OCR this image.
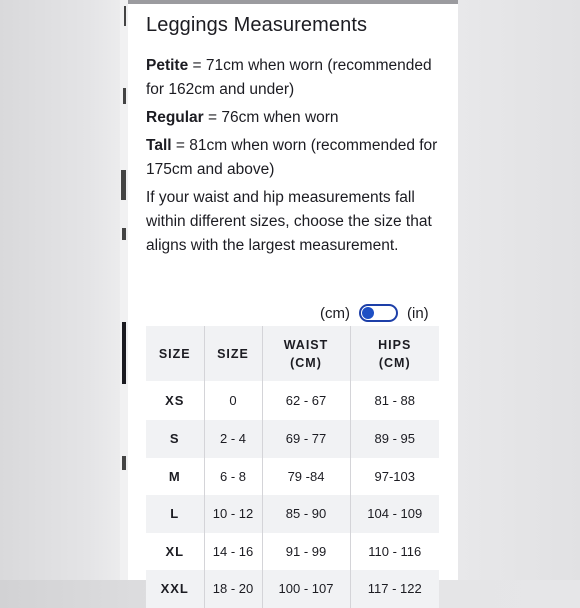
Leggings Measurements

Petite = 71cm when worn (recommended for 162cm and under)

Regular = 76cm when worn

Tall = 81cm when worn (recommended for 175cm and above)

If your waist and hip measurements fall within different sizes, choose the size that aligns with the largest measurement.

(cm)	(in)
SIZE	SIZE	WAIST (CM)	HIPS (CM)
XS	0	62 - 67	81 - 88
S	2 - 4	69 - 77	89 - 95
M	6 - 8	79 -84	97-103
L	10 - 12	85 - 90	104 - 109
XL	14 - 16	91 - 99	110 - 116
XXL	18 - 20	100 - 107	117 - 122
